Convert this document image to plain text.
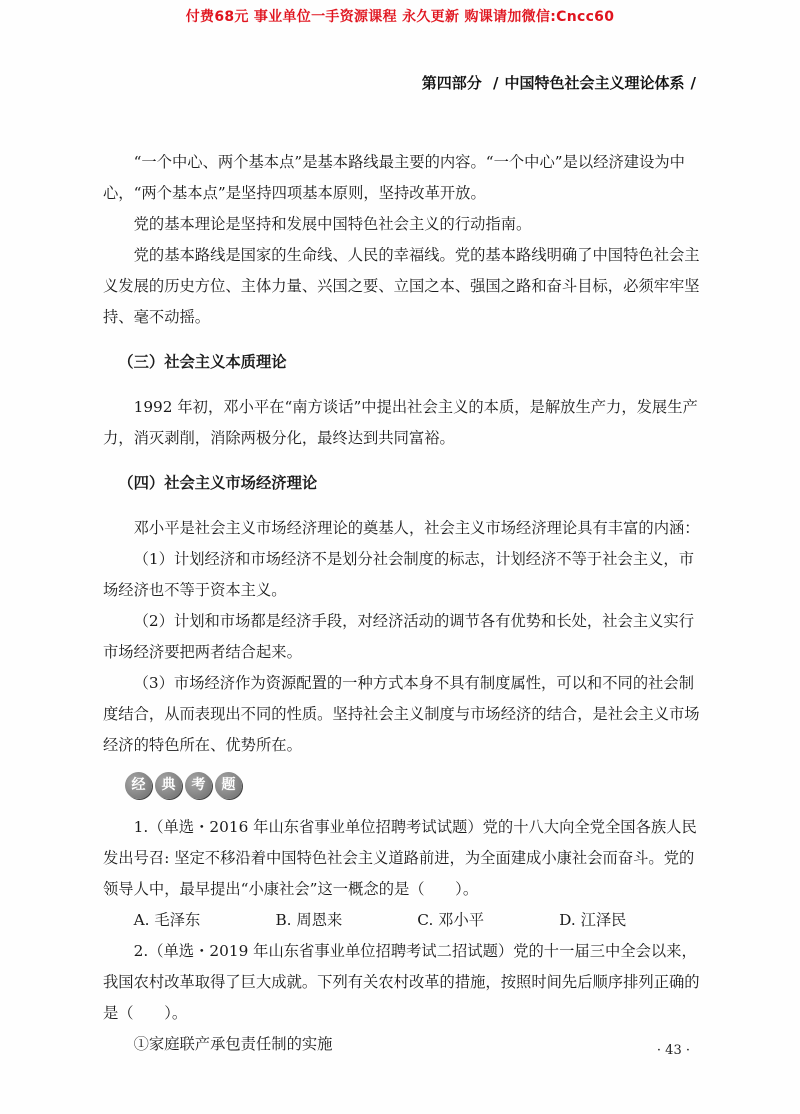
付费68元 事业单位一手资源课程 永久更新 购课请加微信:Cncc60
第四部分 / 中国特色社会主义理论体系 /

“一个中心、两个基本点”是基本路线最主要的内容。“一个中心”是以经济建设为中心，“两个基本点”是坚持四项基本原则，坚持改革开放。

党的基本理论是坚持和发展中国特色社会主义的行动指南。

党的基本路线是国家的生命线、人民的幸福线。党的基本路线明确了中国特色社会主义发展的历史方位、主体力量、兴国之要、立国之本、强国之路和奋斗目标，必须牢牢坚持、毫不动摇。

（三）社会主义本质理论

1992 年初，邓小平在“南方谈话”中提出社会主义的本质，是解放生产力，发展生产力，消灭剥削，消除两极分化，最终达到共同富裕。

（四）社会主义市场经济理论

邓小平是社会主义市场经济理论的奠基人，社会主义市场经济理论具有丰富的内涵：

（1）计划经济和市场经济不是划分社会制度的标志，计划经济不等于社会主义，市场经济也不等于资本主义。

（2）计划和市场都是经济手段，对经济活动的调节各有优势和长处，社会主义实行市场经济要把两者结合起来。

（3）市场经济作为资源配置的一种方式本身不具有制度属性，可以和不同的社会制度结合，从而表现出不同的性质。坚持社会主义制度与市场经济的结合，是社会主义市场经济的特色所在、优势所在。

经	典	考	题

1.（单选・2016 年山东省事业单位招聘考试试题）党的十八大向全党全国各族人民发出号召: 坚定不移沿着中国特色社会主义道路前进，为全面建成小康社会而奋斗。党的领导人中，最早提出“小康社会”这一概念的是（　　）。

A. 毛泽东	B. 周恩来	C. 邓小平	D. 江泽民

2.（单选・2019 年山东省事业单位招聘考试二招试题）党的十一届三中全会以来，我国农村改革取得了巨大成就。下列有关农村改革的措施，按照时间先后顺序排列正确的是（　　）。

①家庭联产承包责任制的实施	· 43 ·
